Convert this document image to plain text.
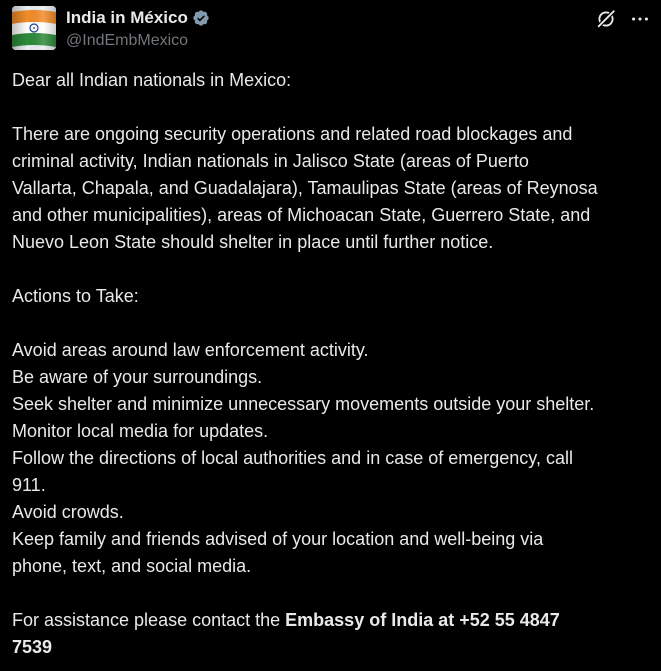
India in México
@IndEmbMexico

Dear all Indian nationals in Mexico:

There are ongoing security operations and related road blockages and
criminal activity, Indian nationals in Jalisco State (areas of Puerto
Vallarta, Chapala, and Guadalajara), Tamaulipas State (areas of Reynosa
and other municipalities), areas of Michoacan State, Guerrero State, and
Nuevo Leon State should shelter in place until further notice.

Actions to Take:

Avoid areas around law enforcement activity.
Be aware of your surroundings.
Seek shelter and minimize unnecessary movements outside your shelter.
Monitor local media for updates.
Follow the directions of local authorities and in case of emergency, call
911.
Avoid crowds.
Keep family and friends advised of your location and well-being via
phone, text, and social media.

For assistance please contact the Embassy of India at +52 55 4847
7539
